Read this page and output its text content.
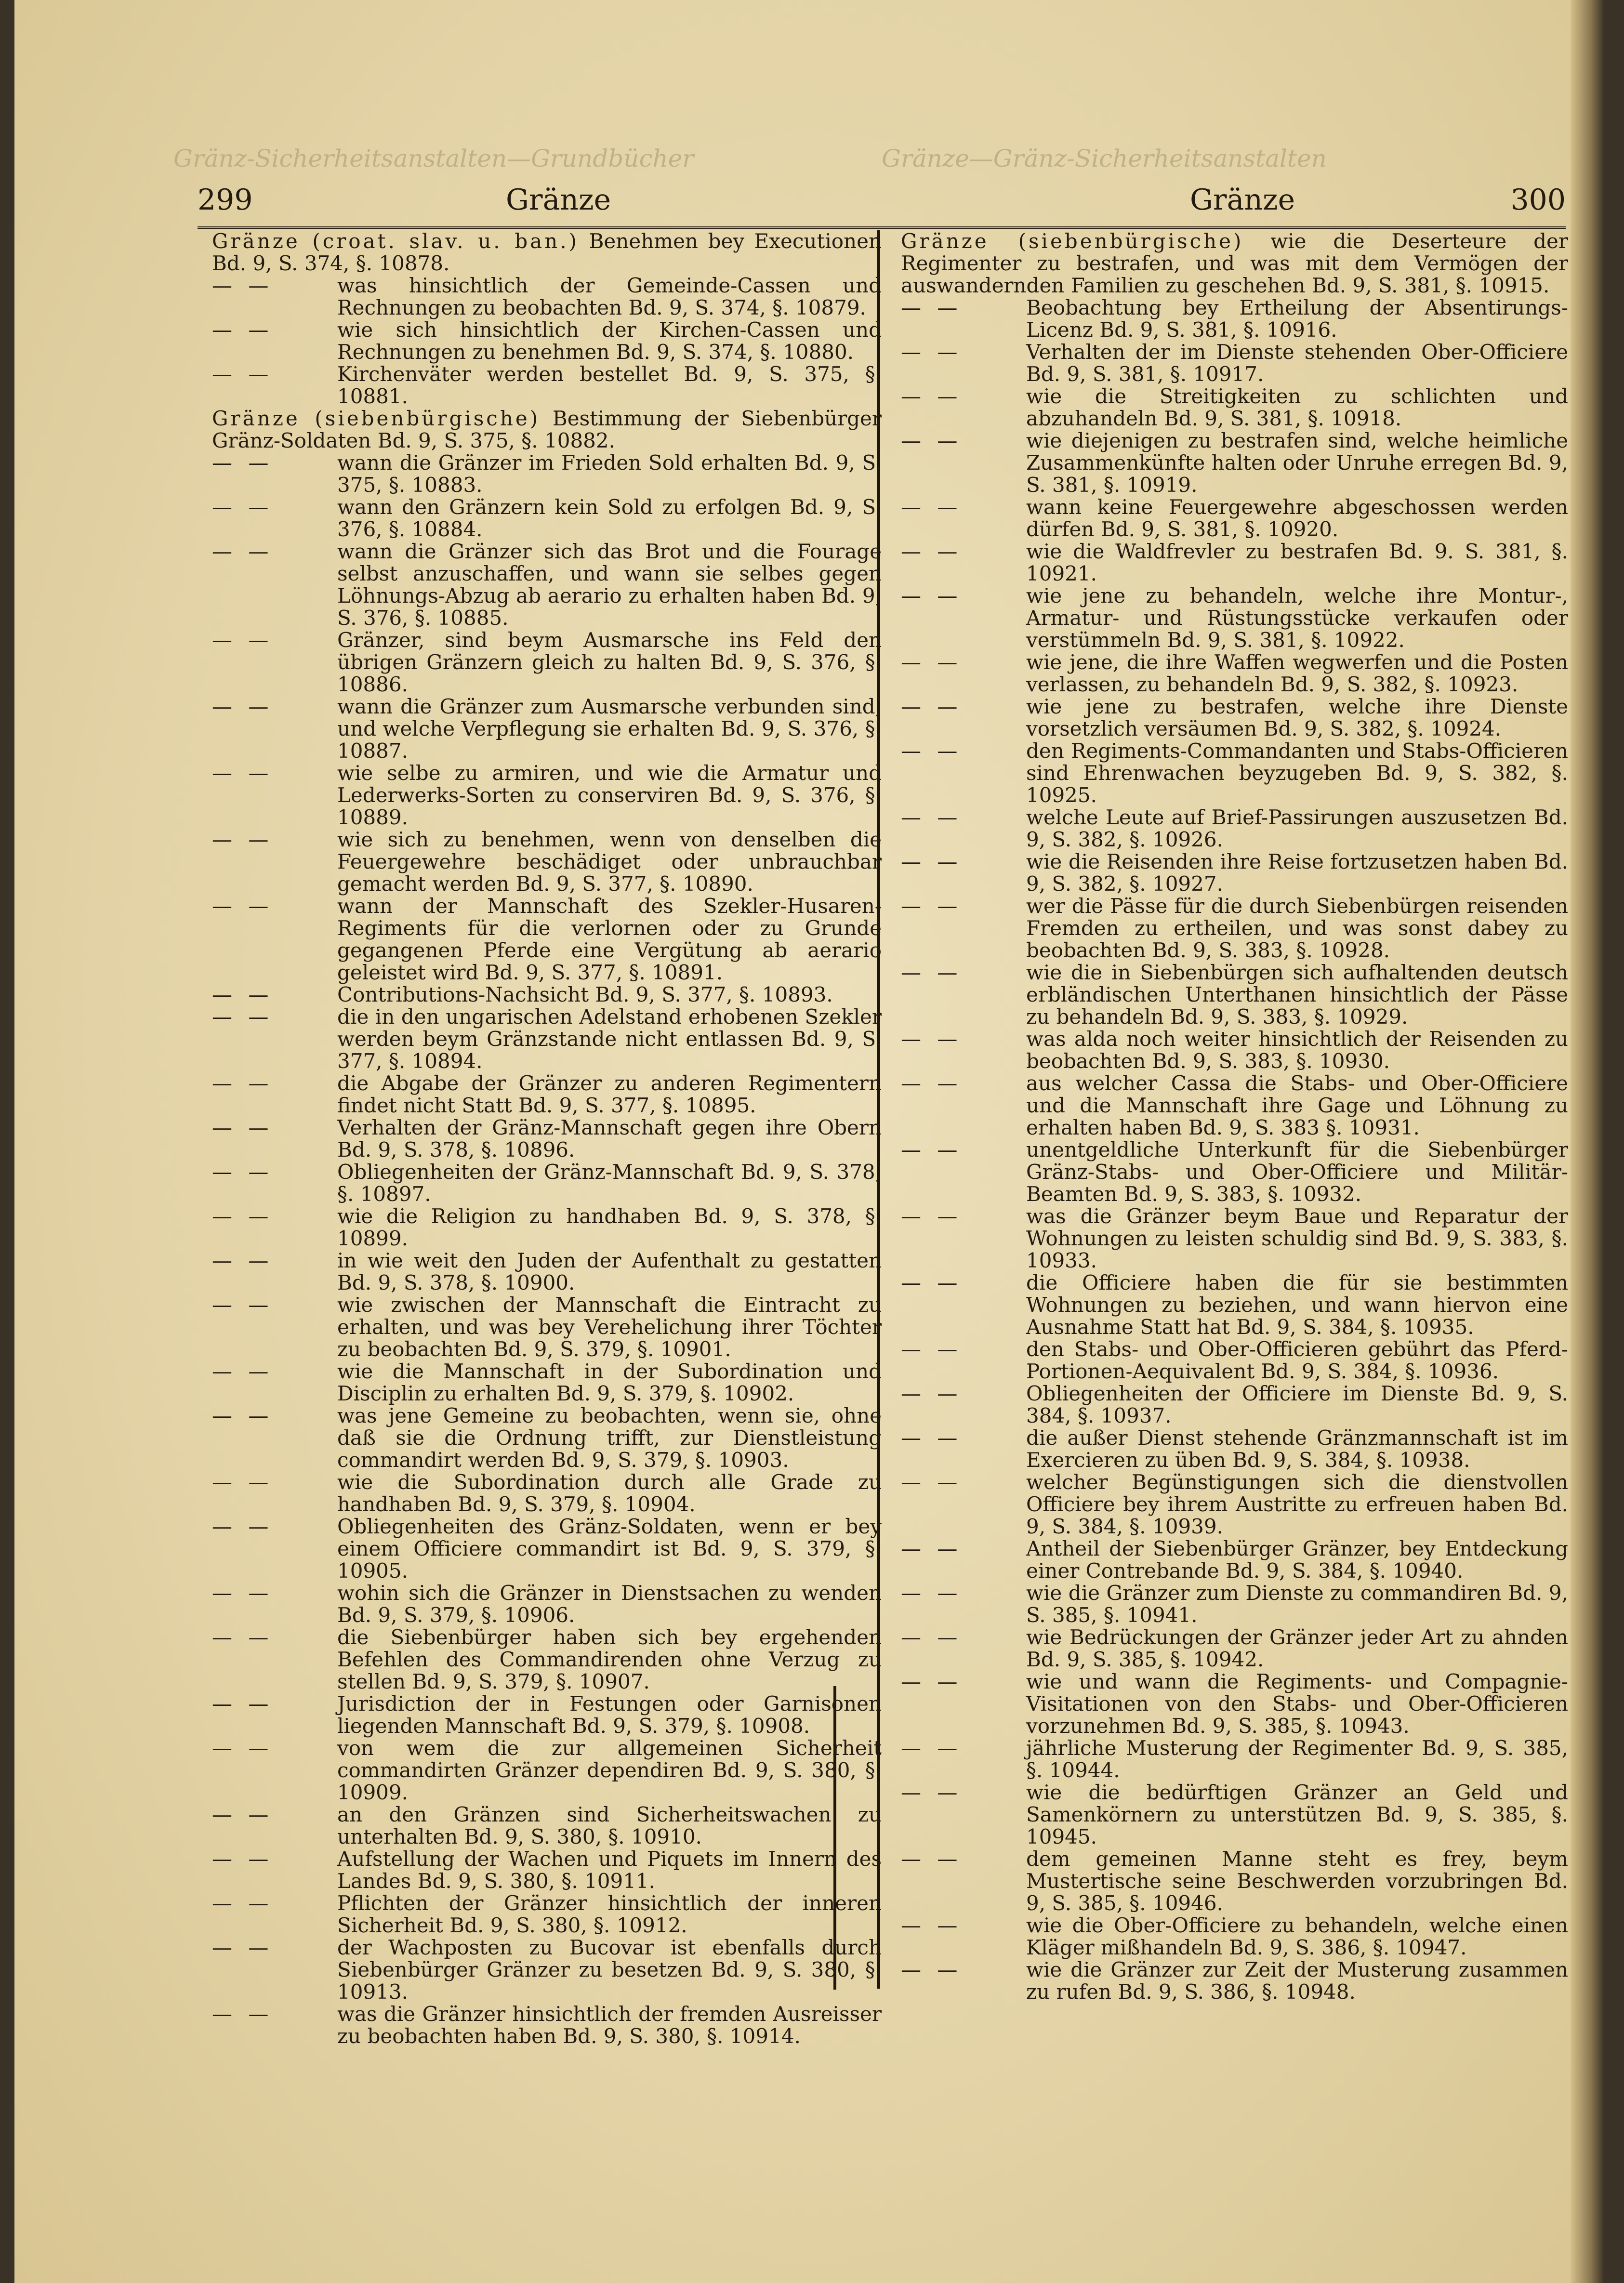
Gränz-Sicherheitsanstalten—Grundbücher	Gränze—Gränz-Sicherheitsanstalten
299	Gränze	Gränze	300

Gränze (croat. slav. u. ban.) Benehmen bey Executionen Bd. 9, S. 374, §. 10878.

— —	was hinsichtlich der Gemeinde-Cassen und Rechnungen zu beobachten Bd. 9, S. 374, §. 10879.

— —	wie sich hinsichtlich der Kirchen-Cassen und Rechnungen zu benehmen Bd. 9, S. 374, §. 10880.

— —	Kirchenväter werden bestellet Bd. 9, S. 375, §. 10881.

Gränze (siebenbürgische) Bestimmung der Siebenbürger Gränz-Soldaten Bd. 9, S. 375, §. 10882.

— —	wann die Gränzer im Frieden Sold erhalten Bd. 9, S. 375, §. 10883.

— —	wann den Gränzern kein Sold zu erfolgen Bd. 9, S. 376, §. 10884.

— —	wann die Gränzer sich das Brot und die Fourage selbst anzuschaffen, und wann sie selbes gegen Löhnungs-Abzug ab aerario zu erhalten haben Bd. 9, S. 376, §. 10885.

— —	Gränzer, sind beym Ausmarsche ins Feld den übrigen Gränzern gleich zu halten Bd. 9, S. 376, §. 10886.

— —	wann die Gränzer zum Ausmarsche verbunden sind, und welche Verpflegung sie erhalten Bd. 9, S. 376, §. 10887.

— —	wie selbe zu armiren, und wie die Armatur und Lederwerks-Sorten zu conserviren Bd. 9, S. 376, §. 10889.

— —	wie sich zu benehmen, wenn von denselben die Feuergewehre beschädiget oder unbrauchbar gemacht werden Bd. 9, S. 377, §. 10890.

— —	wann der Mannschaft des Szekler-Husaren-Regiments für die verlornen oder zu Grunde gegangenen Pferde eine Vergütung ab aerario geleistet wird Bd. 9, S. 377, §. 10891.

— —	Contributions-Nachsicht Bd. 9, S. 377, §. 10893.

— —	die in den ungarischen Adelstand erhobenen Szekler werden beym Gränzstande nicht entlassen Bd. 9, S. 377, §. 10894.

— —	die Abgabe der Gränzer zu anderen Regimentern findet nicht Statt Bd. 9, S. 377, §. 10895.

— —	Verhalten der Gränz-Mannschaft gegen ihre Obern Bd. 9, S. 378, §. 10896.

— —	Obliegenheiten der Gränz-Mannschaft Bd. 9, S. 378, §. 10897.

— —	wie die Religion zu handhaben Bd. 9, S. 378, §. 10899.

— —	in wie weit den Juden der Aufenthalt zu gestatten Bd. 9, S. 378, §. 10900.

— —	wie zwischen der Mannschaft die Eintracht zu erhalten, und was bey Verehelichung ihrer Töchter zu beobachten Bd. 9, S. 379, §. 10901.

— —	wie die Mannschaft in der Subordination und Disciplin zu erhalten Bd. 9, S. 379, §. 10902.

— —	was jene Gemeine zu beobachten, wenn sie, ohne daß sie die Ordnung trifft, zur Dienstleistung commandirt werden Bd. 9, S. 379, §. 10903.

— —	wie die Subordination durch alle Grade zu handhaben Bd. 9, S. 379, §. 10904.

— —	Obliegenheiten des Gränz-Soldaten, wenn er bey einem Officiere commandirt ist Bd. 9, S. 379, §. 10905.

— —	wohin sich die Gränzer in Dienstsachen zu wenden Bd. 9, S. 379, §. 10906.

— —	die Siebenbürger haben sich bey ergehenden Befehlen des Commandirenden ohne Verzug zu stellen Bd. 9, S. 379, §. 10907.

— —	Jurisdiction der in Festungen oder Garnisonen liegenden Mannschaft Bd. 9, S. 379, §. 10908.

— —	von wem die zur allgemeinen Sicherheit commandirten Gränzer dependiren Bd. 9, S. 380, §. 10909.

— —	an den Gränzen sind Sicherheitswachen zu unterhalten Bd. 9, S. 380, §. 10910.

— —	Aufstellung der Wachen und Piquets im Innern des Landes Bd. 9, S. 380, §. 10911.

— —	Pflichten der Gränzer hinsichtlich der inneren Sicherheit Bd. 9, S. 380, §. 10912.

— —	der Wachposten zu Bucovar ist ebenfalls durch Siebenbürger Gränzer zu besetzen Bd. 9, S. 380, §. 10913.

— —	was die Gränzer hinsichtlich der fremden Ausreisser zu beobachten haben Bd. 9, S. 380, §. 10914.

Gränze (siebenbürgische) wie die Deserteure der Regimenter zu bestrafen, und was mit dem Vermögen der auswandernden Familien zu geschehen Bd. 9, S. 381, §. 10915.

— —	Beobachtung bey Ertheilung der Absentirungs-Licenz Bd. 9, S. 381, §. 10916.

— —	Verhalten der im Dienste stehenden Ober-Officiere Bd. 9, S. 381, §. 10917.

— —	wie die Streitigkeiten zu schlichten und abzuhandeln Bd. 9, S. 381, §. 10918.

— —	wie diejenigen zu bestrafen sind, welche heimliche Zusammenkünfte halten oder Unruhe erregen Bd. 9, S. 381, §. 10919.

— —	wann keine Feuergewehre abgeschossen werden dürfen Bd. 9, S. 381, §. 10920.

— —	wie die Waldfrevler zu bestrafen Bd. 9. S. 381, §. 10921.

— —	wie jene zu behandeln, welche ihre Montur-, Armatur- und Rüstungsstücke verkaufen oder verstümmeln Bd. 9, S. 381, §. 10922.

— —	wie jene, die ihre Waffen wegwerfen und die Posten verlassen, zu behandeln Bd. 9, S. 382, §. 10923.

— —	wie jene zu bestrafen, welche ihre Dienste vorsetzlich versäumen Bd. 9, S. 382, §. 10924.

— —	den Regiments-Commandanten und Stabs-Officieren sind Ehrenwachen beyzugeben Bd. 9, S. 382, §. 10925.

— —	welche Leute auf Brief-Passirungen auszusetzen Bd. 9, S. 382, §. 10926.

— —	wie die Reisenden ihre Reise fortzusetzen haben Bd. 9, S. 382, §. 10927.

— —	wer die Pässe für die durch Siebenbürgen reisenden Fremden zu ertheilen, und was sonst dabey zu beobachten Bd. 9, S. 383, §. 10928.

— —	wie die in Siebenbürgen sich aufhaltenden deutsch erbländischen Unterthanen hinsichtlich der Pässe zu behandeln Bd. 9, S. 383, §. 10929.

— —	was alda noch weiter hinsichtlich der Reisenden zu beobachten Bd. 9, S. 383, §. 10930.

— —	aus welcher Cassa die Stabs- und Ober-Officiere und die Mannschaft ihre Gage und Löhnung zu erhalten haben Bd. 9, S. 383 §. 10931.

— —	unentgeldliche Unterkunft für die Siebenbürger Gränz-Stabs- und Ober-Officiere und Militär-Beamten Bd. 9, S. 383, §. 10932.

— —	was die Gränzer beym Baue und Reparatur der Wohnungen zu leisten schuldig sind Bd. 9, S. 383, §. 10933.

— —	die Officiere haben die für sie bestimmten Wohnungen zu beziehen, und wann hiervon eine Ausnahme Statt hat Bd. 9, S. 384, §. 10935.

— —	den Stabs- und Ober-Officieren gebührt das Pferd-Portionen-Aequivalent Bd. 9, S. 384, §. 10936.

— —	Obliegenheiten der Officiere im Dienste Bd. 9, S. 384, §. 10937.

— —	die außer Dienst stehende Gränzmannschaft ist im Exercieren zu üben Bd. 9, S. 384, §. 10938.

— —	welcher Begünstigungen sich die dienstvollen Officiere bey ihrem Austritte zu erfreuen haben Bd. 9, S. 384, §. 10939.

— —	Antheil der Siebenbürger Gränzer, bey Entdeckung einer Contrebande Bd. 9, S. 384, §. 10940.

— —	wie die Gränzer zum Dienste zu commandiren Bd. 9, S. 385, §. 10941.

— —	wie Bedrückungen der Gränzer jeder Art zu ahnden Bd. 9, S. 385, §. 10942.

— —	wie und wann die Regiments- und Compagnie-Visitationen von den Stabs- und Ober-Officieren vorzunehmen Bd. 9, S. 385, §. 10943.

— —	jährliche Musterung der Regimenter Bd. 9, S. 385, §. 10944.

— —	wie die bedürftigen Gränzer an Geld und Samenkörnern zu unterstützen Bd. 9, S. 385, §. 10945.

— —	dem gemeinen Manne steht es frey, beym Mustertische seine Beschwerden vorzubringen Bd. 9, S. 385, §. 10946.

— —	wie die Ober-Officiere zu behandeln, welche einen Kläger mißhandeln Bd. 9, S. 386, §. 10947.

— —	wie die Gränzer zur Zeit der Musterung zusammen zu rufen Bd. 9, S. 386, §. 10948.
